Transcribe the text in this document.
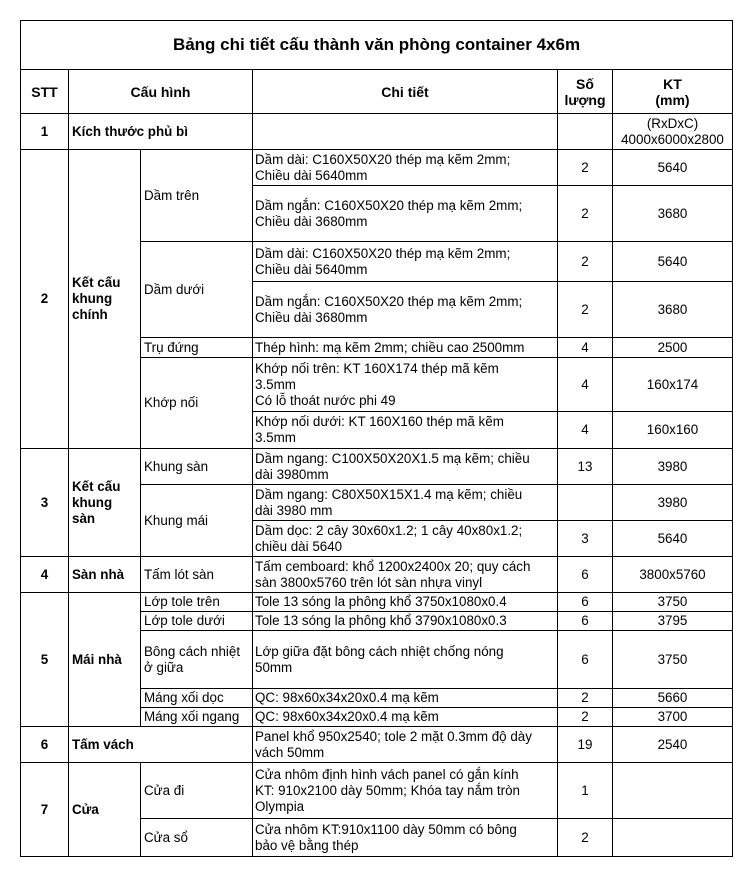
Bảng chi tiết cấu thành văn phòng container 4x6m					
STT	Cấu hình		Chi tiết	Số
lượng	KT
(mm)
1	Kích thước phủ bì				(RxDxC)
4000x6000x2800
2	Kết cấu
khung
chính	Dầm trên	Dầm dài: C160X50X20 thép mạ kẽm 2mm;
Chiều dài 5640mm	2	5640
			Dầm ngắn: C160X50X20 thép mạ kẽm 2mm;
Chiều dài 3680mm	2	3680
		Dầm dưới	Dầm dài: C160X50X20 thép mạ kẽm 2mm;
Chiều dài 5640mm	2	5640
			Dầm ngắn: C160X50X20 thép mạ kẽm 2mm;
Chiều dài 3680mm	2	3680
		Trụ đứng	Thép hình: mạ kẽm 2mm; chiều cao 2500mm	4	2500
		Khớp nối	Khớp nối trên: KT 160X174 thép mã kẽm
3.5mm
Có lỗ thoát nước phi 49	4	160x174
			Khớp nối dưới: KT 160X160 thép mã kẽm
3.5mm	4	160x160
3	Kết cấu
khung
sàn	Khung sàn	Dầm ngang: C100X50X20X1.5 mạ kẽm; chiều
dài 3980mm	13	3980
		Khung mái	Dầm ngang: C80X50X15X1.4 mạ kẽm; chiều
dài 3980 mm		3980
			Dầm dọc: 2 cây 30x60x1.2; 1 cây 40x80x1.2;
chiều dài 5640	3	5640
4	Sàn nhà	Tấm lót sàn	Tấm cemboard: khổ 1200x2400x 20; quy cách
sàn 3800x5760 trên lót sàn nhựa vinyl	6	3800x5760
5	Mái nhà	Lớp tole trên	Tole 13 sóng la phông khổ 3750x1080x0.4	6	3750
		Lớp tole dưới	Tole 13 sóng la phông khổ 3790x1080x0.3	6	3795
		Bông cách nhiệt
ở giữa	Lớp giữa đặt bông cách nhiệt chống nóng
50mm	6	3750
		Máng xối dọc	QC: 98x60x34x20x0.4 mạ kẽm	2	5660
		Máng xối ngang	QC: 98x60x34x20x0.4 mạ kẽm	2	3700
6	Tấm vách		Panel khổ 950x2540; tole 2 mặt 0.3mm độ dày
vách 50mm	19	2540
7	Cửa	Cửa đi	Cửa nhôm định hình vách panel có gắn kính
KT: 910x2100 dày 50mm; Khóa tay nắm tròn
Olympia	1	
		Cửa sổ	Cửa nhôm KT:910x1100 dày 50mm có bông
bảo vệ bằng thép	2	
